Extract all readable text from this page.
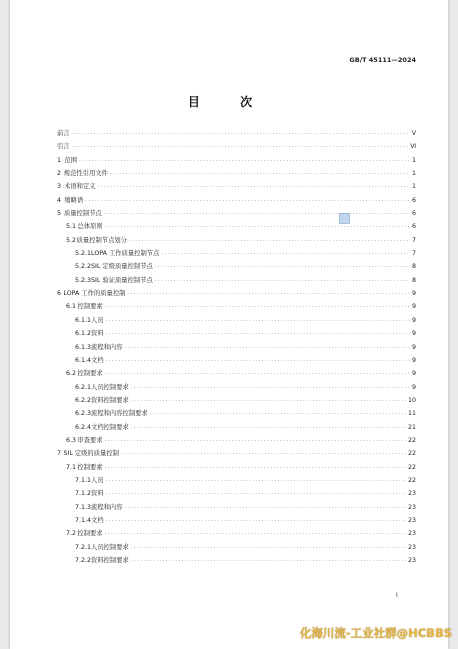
GB/T 45111—2024
目 次
前言 ·····	Ⅴ
引言 ·····	Ⅵ
1 范围 ·····	1
2 规范性引用文件 ·····	1
3 术语和定义 ·····	1
4 缩略语 ·····	6
5 质量控制节点 ·····	6
5.1 总体原则 ·····	6
5.2 质量控制节点划分 ·····	7
5.2.1 LOPA 工作质量控制节点 ·····	7
5.2.2 SIL 定级质量控制节点 ·····	8
5.2.3 SIL 验证质量控制节点 ·····	8
6 LOPA 工作的质量控制 ·····	9
6.1 控制要素 ·····	9
6.1.1 人员 ·····	9
6.1.2 资料 ·····	9
6.1.3 流程和内容 ·····	9
6.1.4 文档 ·····	9
6.2 控制要求 ·····	9
6.2.1 人员控制要求 ·····	9
6.2.2 资料控制要求 ·····	10
6.2.3 流程和内容控制要求 ·····	11
6.2.4 文档控制要求 ·····	21
6.3 审查要求 ·····	22
7 SIL 定级的质量控制 ·····	22
7.1 控制要素 ·····	22
7.1.1 人员 ·····	22
7.1.2 资料 ·····	23
7.1.3 流程和内容 ·····	23
7.1.4 文档 ·····	23
7.2 控制要求 ·····	23
7.2.1 人员控制要求 ·····	23
7.2.2 资料控制要求 ·····	23
Ⅰ
化海川流-工业社群@HCBBS
